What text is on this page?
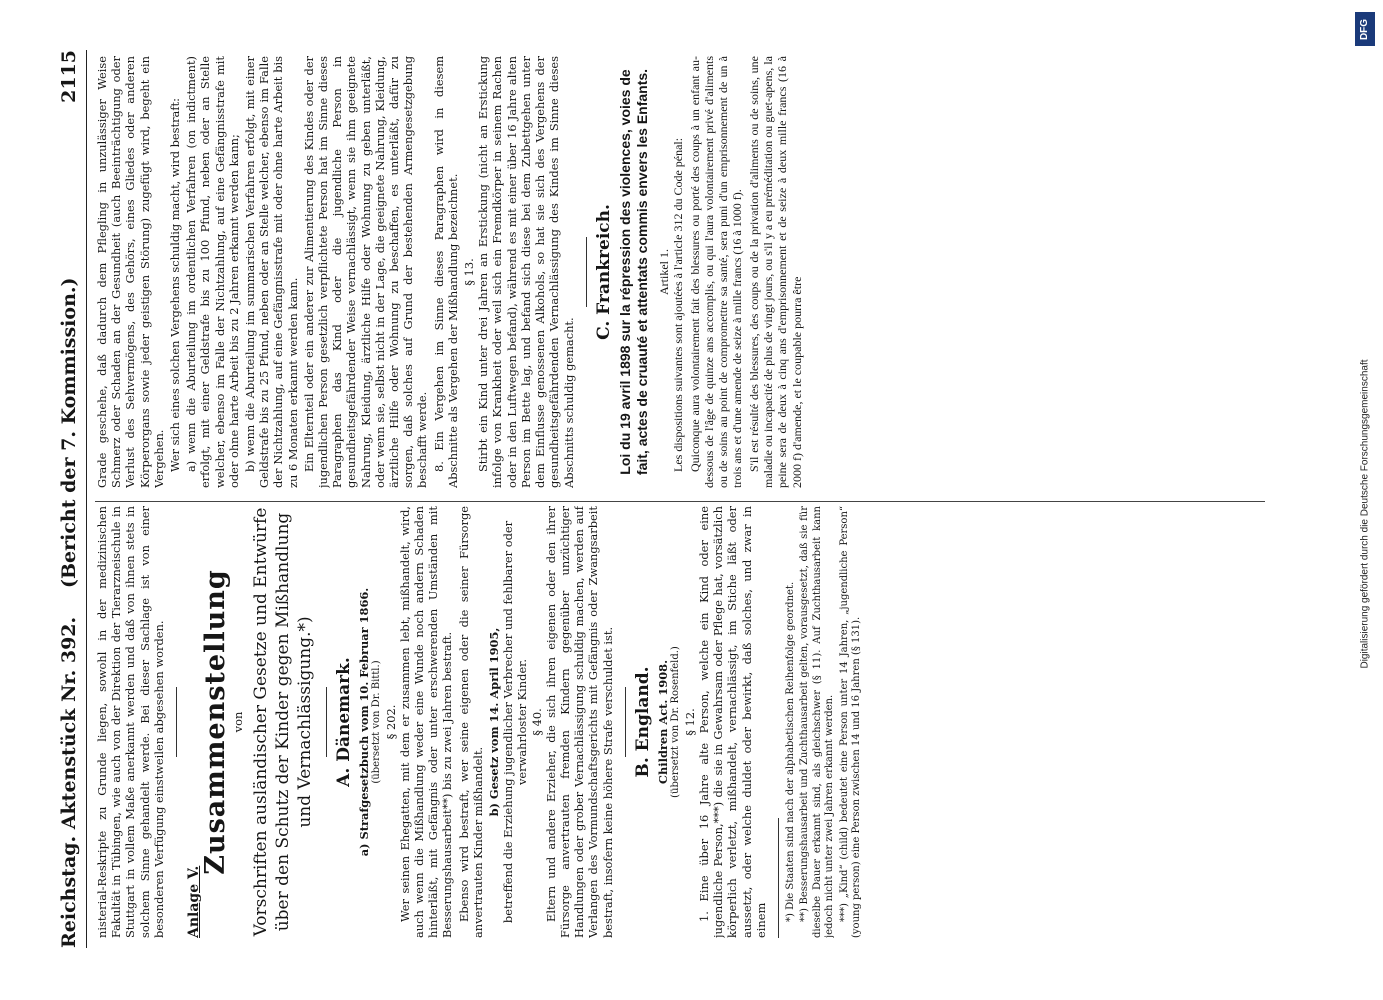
Reichstag. Aktenstück Nr. 392.
(Bericht der 7. Kommission.)
2115

nisterial-Reskripte zu Grunde liegen, sowohl in der medizinischen Fakultät in Tübingen, wie auch von der Direktion der Tierarzneischule in Stuttgart in vollem Maße anerkannt werden und daß von ihnen stets in solchem Sinne gehandelt werde. Bei dieser Sachlage ist von einer besonderen Verfügung einstweilen abgesehen worden. Anlage V.
Zusammenstellung von Vorschriften ausländischer Gesetze und Entwürfe über den Schutz der Kinder gegen Mißhandlung und Vernachlässigung.*) A. Dänemark. a) Strafgesetzbuch vom 10. Februar 1866. (übersetzt von Dr. Bittl.) § 202. Wer seinen Ehegatten, mit dem er zusammen lebt, mißhandelt, wird, auch wenn die Mißhandlung weder eine Wunde noch andern Schaden hinterläßt, mit Gefängnis oder unter erschwerenden Umständen mit Besserungshausarbeit**) bis zu zwei Jahren bestraft. Ebenso wird bestraft, wer seine eigenen oder die seiner Fürsorge anvertrauten Kinder mißhandelt.

b) Gesetz vom 14. April 1905, betreffend die Erziehung jugendlicher Verbrecher und fehlbarer oder verwahrloster Kinder. § 40. Eltern und andere Erzieher, die sich ihren eigenen oder den ihrer Fürsorge anvertrauten fremden Kindern gegenüber unzüchtiger Handlungen oder grober Vernachlässigung schuldig machen, werden auf Verlangen des Vormundschaftsgerichts mit Gefängnis oder Zwangsarbeit bestraft, insofern keine höhere Strafe verschuldet ist. B. England. Children Act. 1908. (übersetzt von Dr. Rosenfeld.) § 12. 1. Eine über 16 Jahre alte Person, welche ein Kind oder eine jugendliche Person,***) die sie in Gewahrsam oder Pflege hat, vorsätzlich körperlich verletzt, mißhandelt, vernachlässigt, im Stiche läßt oder aussetzt, oder welche duldet oder bewirkt, daß solches, und zwar in einem *) Die Staaten sind nach der alphabetischen Reihenfolge geordnet. **) Besserungshausarbeit und Zuchthausarbeit gelten, vorausgesetzt, daß sie für dieselbe Dauer erkannt sind, als gleichschwer (§ 11). Auf Zuchthausarbeit kann jedoch nicht unter zwei Jahren erkannt werden. ***) „Kind“ (child) bedeutet eine Person unter 14 Jahren, „jugendliche Person“ (young person) eine Person zwischen 14 und 16 Jahren (§ 131).

Grade geschehe, daß dadurch dem Pflegling in unzulässiger Weise Schmerz oder Schaden an der Gesundheit (auch Beeinträchtigung oder Verlust des Sehvermögens, des Gehörs, eines Gliedes oder anderen Körperorgans sowie jeder geistigen Störung) zugefügt wird, begeht ein Vergehen. Wer sich eines solchen Vergehens schuldig macht, wird bestraft: a) wenn die Aburteilung im ordentlichen Verfahren (on indictment) erfolgt, mit einer Geldstrafe bis zu 100 Pfund, neben oder an Stelle welcher, ebenso im Falle der Nichtzahlung, auf eine Gefängnisstrafe mit oder ohne harte Arbeit bis zu 2 Jahren erkannt werden kann; b) wenn die Aburteilung im summarischen Verfahren erfolgt, mit einer Geldstrafe bis zu 25 Pfund, neben oder an Stelle welcher, ebenso im Falle der Nichtzahlung, auf eine Gefängnisstrafe mit oder ohne harte Arbeit bis zu 6 Monaten erkannt werden kann. Ein Elternteil oder ein anderer zur Alimentierung des Kindes oder der jugendlichen Person gesetzlich verpflichtete Person hat im Sinne dieses Paragraphen das Kind oder die jugendliche Person in gesundheitsgefährdender Weise vernachlässigt, wenn sie ihm geeignete Nahrung, Kleidung, ärztliche Hilfe oder Wohnung zu geben unterläßt, oder wenn sie, selbst nicht in der Lage, die geeignete Nahrung, Kleidung, ärztliche Hilfe oder Wohnung zu beschaffen, es unterläßt, dafür zu sorgen, daß solches auf Grund der bestehenden Armengesetzgebung beschafft werde. 8. Ein Vergehen im Sinne dieses Paragraphen wird in diesem Abschnitte als Vergehen der Mißhandlung bezeichnet. § 13. Stirbt ein Kind unter drei Jahren an Erstickung (nicht an Erstickung infolge von Krankheit oder weil sich ein Fremdkörper in seinem Rachen oder in den Luftwegen befand), während es mit einer über 16 Jahre alten Person im Bette lag, und befand sich diese bei dem Zubettgehen unter dem Einflusse genossenen Alkohols, so hat sie sich des Vergehens der gesundheitsgefährdenden Vernachlässigung des Kindes im Sinne dieses Abschnitts schuldig gemacht.

C. Frankreich. Loi du 19 avril 1898 sur la répression des violences, voies de fait, actes de cruauté et attentats commis envers les Enfants. Artikel 1. Les dispositions suivantes sont ajoutées à l'article 312 du Code pénal: Quiconque aura volontairement fait des blessures ou porté des coups à un enfant au-dessous de l'âge de quinze ans accomplis, ou qui l'aura volontairement privé d'aliments ou de soins au point de compromettre sa santé, sera puni d'un emprisonnement de un à trois ans et d'une amende de seize à mille francs (16 à 1000 f). S'il est résulté des blessures, des coups ou de la privation d'aliments ou de soins, une maladie ou incapacité de plus de vingt jours, ou s'il y a eu préméditation ou guet-apens, la peine sera de deux à cinq ans d'emprisonnement et de seize à deux mille francs (16 à 2000 f) d'amende, et le coupable pourra être

DFG
Digitalisierung gefördert durch die Deutsche Forschungsgemeinschaft
